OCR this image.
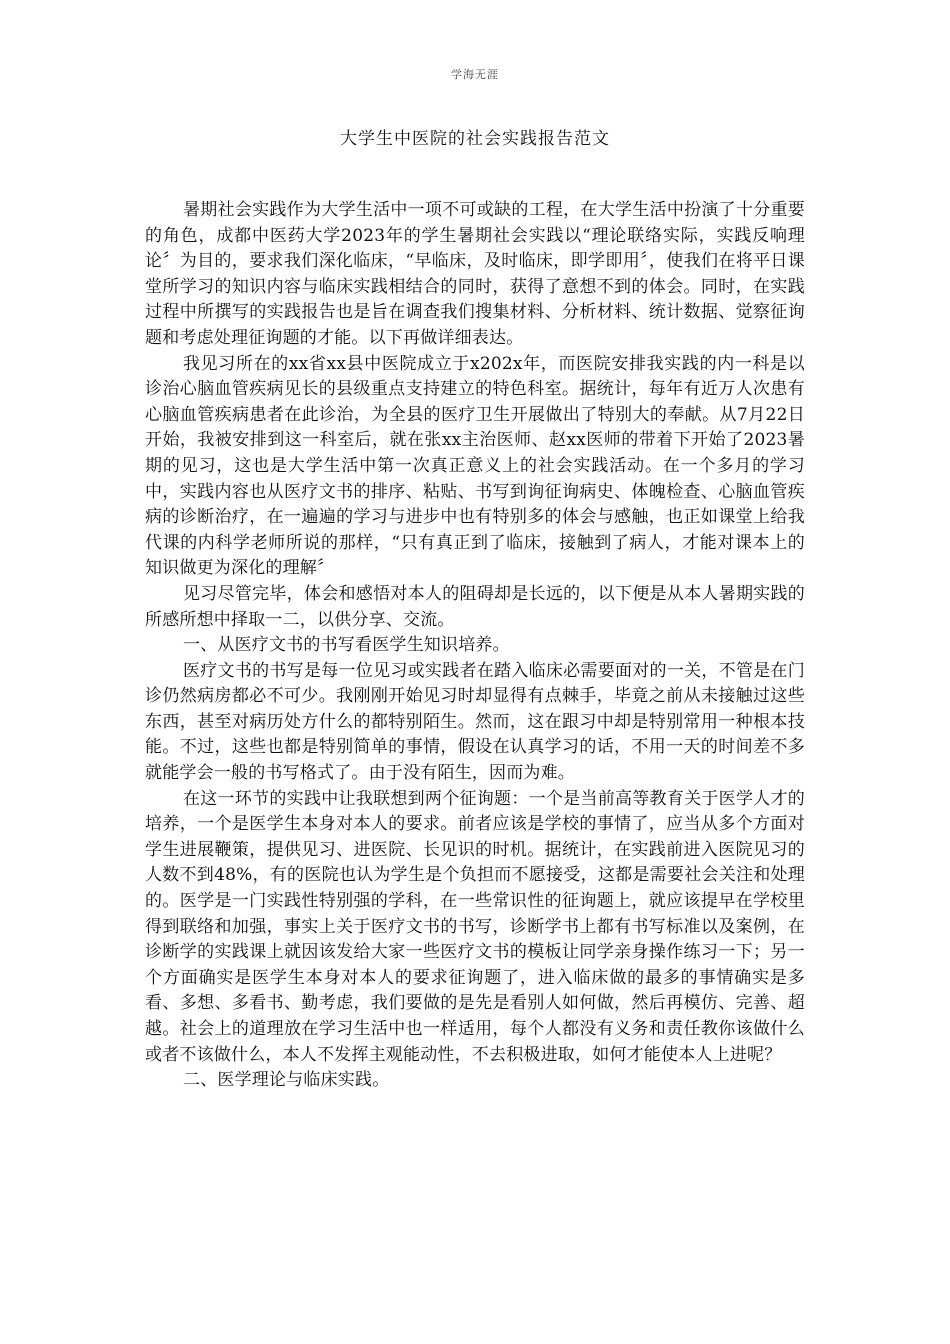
学海无涯
大学生中医院的社会实践报告范文

暑期社会实践作为大学生活中一项不可或缺的工程，在大学生活中扮演了十分重要的角色，成都中医药大学2023年的学生暑期社会实践以“理论联络实际，实践反响理论〞为目的，要求我们深化临床，“早临床，及时临床，即学即用〞，使我们在将平日课堂所学习的知识内容与临床实践相结合的同时，获得了意想不到的体会。同时，在实践过程中所撰写的实践报告也是旨在调查我们搜集材料、分析材料、统计数据、觉察征询题和考虑处理征询题的才能。以下再做详细表达。

我见习所在的xx省xx县中医院成立于x202x年，而医院安排我实践的内一科是以诊治心脑血管疾病见长的县级重点支持建立的特色科室。据统计，每年有近万人次患有心脑血管疾病患者在此诊治，为全县的医疗卫生开展做出了特别大的奉献。从7月22日开始，我被安排到这一科室后，就在张xx主治医师、赵xx医师的带着下开始了2023暑期的见习，这也是大学生活中第一次真正意义上的社会实践活动。在一个多月的学习中，实践内容也从医疗文书的排序、粘贴、书写到询征询病史、体魄检查、心脑血管疾病的诊断治疗，在一遍遍的学习与进步中也有特别多的体会与感触，也正如课堂上给我代课的内科学老师所说的那样，“只有真正到了临床，接触到了病人，才能对课本上的知识做更为深化的理解〞

见习尽管完毕，体会和感悟对本人的阻碍却是长远的，以下便是从本人暑期实践的所感所想中择取一二，以供分享、交流。

一、从医疗文书的书写看医学生知识培养。

医疗文书的书写是每一位见习或实践者在踏入临床必需要面对的一关，不管是在门诊仍然病房都必不可少。我刚刚开始见习时却显得有点棘手，毕竟之前从未接触过这些东西，甚至对病历处方什么的都特别陌生。然而，这在跟习中却是特别常用一种根本技能。不过，这些也都是特别简单的事情，假设在认真学习的话，不用一天的时间差不多就能学会一般的书写格式了。由于没有陌生，因而为难。

在这一环节的实践中让我联想到两个征询题：一个是当前高等教育关于医学人才的培养，一个是医学生本身对本人的要求。前者应该是学校的事情了，应当从多个方面对学生进展鞭策，提供见习、进医院、长见识的时机。据统计，在实践前进入医院见习的人数不到48%，有的医院也认为学生是个负担而不愿接受，这都是需要社会关注和处理的。医学是一门实践性特别强的学科，在一些常识性的征询题上，就应该提早在学校里得到联络和加强，事实上关于医疗文书的书写，诊断学书上都有书写标准以及案例，在诊断学的实践课上就因该发给大家一些医疗文书的模板让同学亲身操作练习一下；另一个方面确实是医学生本身对本人的要求征询题了，进入临床做的最多的事情确实是多看、多想、多看书、勤考虑，我们要做的是先是看别人如何做，然后再模仿、完善、超越。社会上的道理放在学习生活中也一样适用，每个人都没有义务和责任教你该做什么或者不该做什么，本人不发挥主观能动性，不去积极进取，如何才能使本人上进呢？

二、医学理论与临床实践。
